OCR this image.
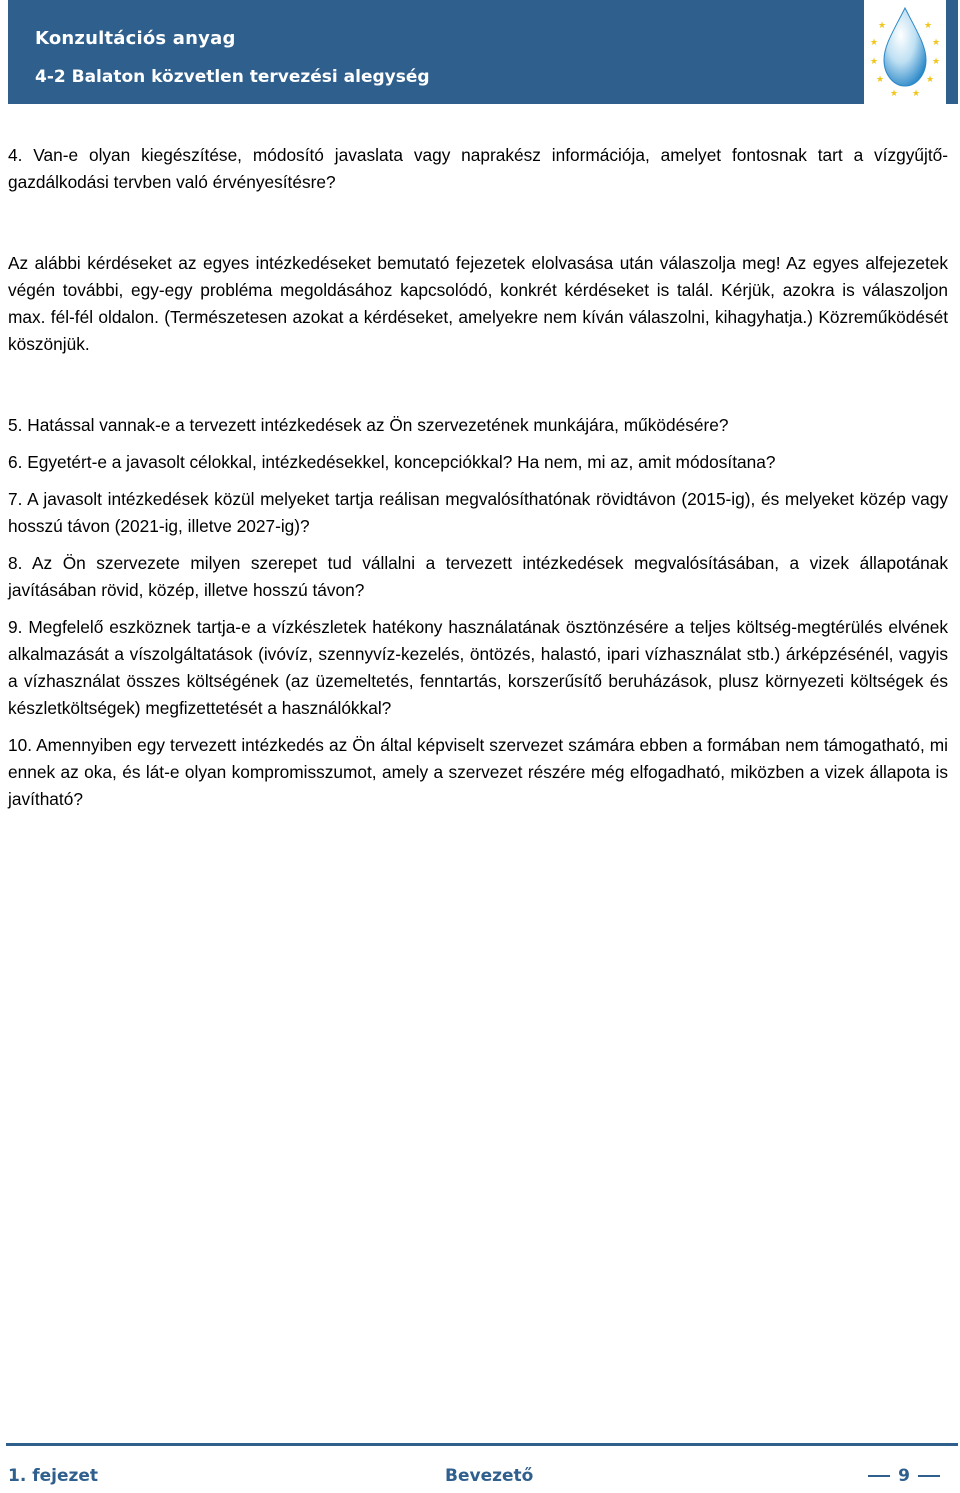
Konzultációs anyag
4-2 Balaton közvetlen tervezési alegység
★	★
★	★
★	★
★	★
★ ★

4. Van-e olyan kiegészítése, módosító javaslata vagy naprakész információja, amelyet fontosnak tart a vízgyűjtő-gazdálkodási tervben való érvényesítésre?

Az alábbi kérdéseket az egyes intézkedéseket bemutató fejezetek elolvasása után válaszolja meg! Az egyes alfejezetek végén további, egy-egy probléma megoldásához kapcsolódó, konkrét kérdéseket is talál. Kérjük, azokra is válaszoljon max. fél-fél oldalon. (Természetesen azokat a kérdéseket, amelyekre nem kíván válaszolni, kihagyhatja.) Közreműködését köszönjük.

5. Hatással vannak-e a tervezett intézkedések az Ön szervezetének munkájára, működésére?

6. Egyetért-e a javasolt célokkal, intézkedésekkel, koncepciókkal? Ha nem, mi az, amit módosítana?

7. A javasolt intézkedések közül melyeket tartja reálisan megvalósíthatónak rövidtávon (2015-ig), és melyeket közép vagy hosszú távon (2021-ig, illetve 2027-ig)?

8. Az Ön szervezete milyen szerepet tud vállalni a tervezett intézkedések megvalósításában, a vizek állapotának javításában rövid, közép, illetve hosszú távon?

9. Megfelelő eszköznek tartja-e a vízkészletek hatékony használatának ösztönzésére a teljes költség-megtérülés elvének alkalmazását a víszolgáltatások (ivóvíz, szennyvíz-kezelés, öntözés, halastó, ipari vízhasználat stb.) árképzésénél, vagyis a vízhasználat összes költségének (az üzemeltetés, fenntartás, korszerűsítő beruházások, plusz környezeti költségek és készletköltségek) megfizettetését a használókkal?

10. Amennyiben egy tervezett intézkedés az Ön által képviselt szervezet számára ebben a formában nem támogatható, mi ennek az oka, és lát-e olyan kompromisszumot, amely a szervezet részére még elfogadható, miközben a vizek állapota is javítható?

1. fejezet	Bevezető	9
